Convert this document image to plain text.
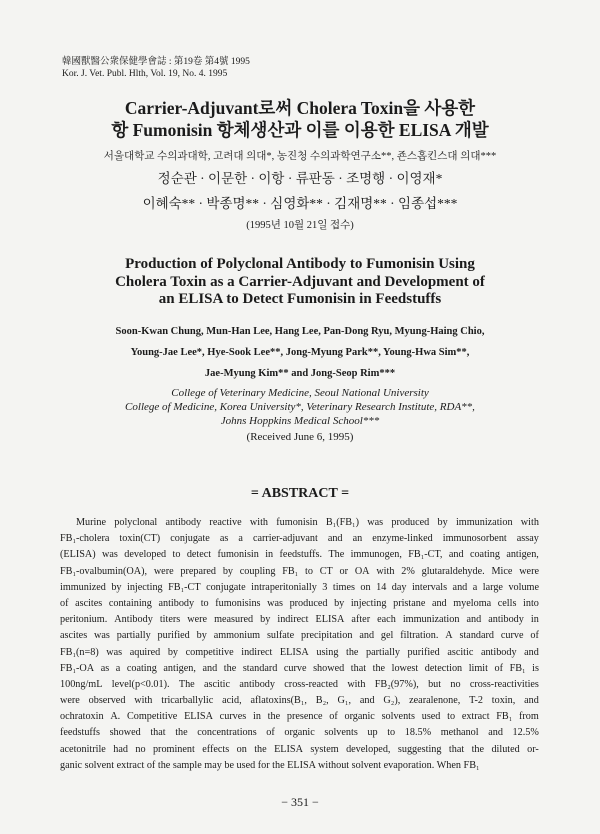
韓國獸醫公衆保健學會誌 : 第19卷 第4號 1995
Kor. J. Vet. Publ. Hlth, Vol. 19, No. 4. 1995
Carrier-Adjuvant로써 Cholera Toxin을 사용한
항 Fumonisin 항체생산과 이를 이용한 ELISA 개발
서울대학교 수의과대학, 고려대 의대*, 농진청 수의과학연구소**, 죤스홉킨스대 의대***
정순관 · 이문한 · 이항 · 류판동 · 조명행 · 이영재*
이혜숙** · 박종명** · 심영화** · 김재명** · 임종섭***
(1995년 10월 21일 접수)
Production of Polyclonal Antibody to Fumonisin Using
Cholera Toxin as a Carrier-Adjuvant and Development of
an ELISA to Detect Fumonisin in Feedstuffs
Soon-Kwan Chung, Mun-Han Lee, Hang Lee, Pan-Dong Ryu, Myung-Haing Chio,
Young-Jae Lee*, Hye-Sook Lee**, Jong-Myung Park**, Young-Hwa Sim**,
Jae-Myung Kim** and Jong-Seop Rim***
College of Veterinary Medicine, Seoul National University
College of Medicine, Korea University*, Veterinary Research Institute, RDA**,
Johns Hoppkins Medical School***
(Received June 6, 1995)
= ABSTRACT =
Murine polyclonal antibody reactive with fumonisin B₁(FB₁) was produced by immunization with
FB₁-cholera toxin(CT) conjugate as a carrier-adjuvant and an enzyme-linked immunosorbent assay
(ELISA) was developed to detect fumonisin in feedstuffs. The immunogen, FB₁-CT, and coating antigen,
FB₁-ovalbumin(OA), were prepared by coupling FB₁ to CT or OA with 2% glutaraldehyde. Mice were
immunized by injecting FB₁-CT conjugate intraperitonially 3 times on 14 day intervals and a large volume
of ascites containing antibody to fumonisins was produced by injecting pristane and myeloma cells into
peritonium. Antibody titers were measured by indirect ELISA after each immunization and antibody in
ascites was partially purified by ammonium sulfate precipitation and gel filtration. A standard curve of
FB₁(n=8) was aquired by competitive indirect ELISA using the partially purified ascitic antibody and
FB₁-OA as a coating antigen, and the standard curve showed that the lowest detection limit of FB₁ is
100ng/mL level(p<0.01). The ascitic antibody cross-reacted with FB₂(97%), but no cross-reactivities
were observed with tricarballylic acid, aflatoxins(B₁, B₂, G₁, and G₂), zearalenone, T-2 toxin, and
ochratoxin A. Competitive ELISA curves in the presence of organic solvents used to extract FB₁ from
feedstuffs showed that the concentrations of organic solvents up to 18.5% methanol and 12.5%
acetonitrile had no prominent effects on the ELISA system developed, suggesting that the diluted or-
ganic solvent extract of the sample may be used for the ELISA without solvent evaporation. When FB₁
− 351 −
